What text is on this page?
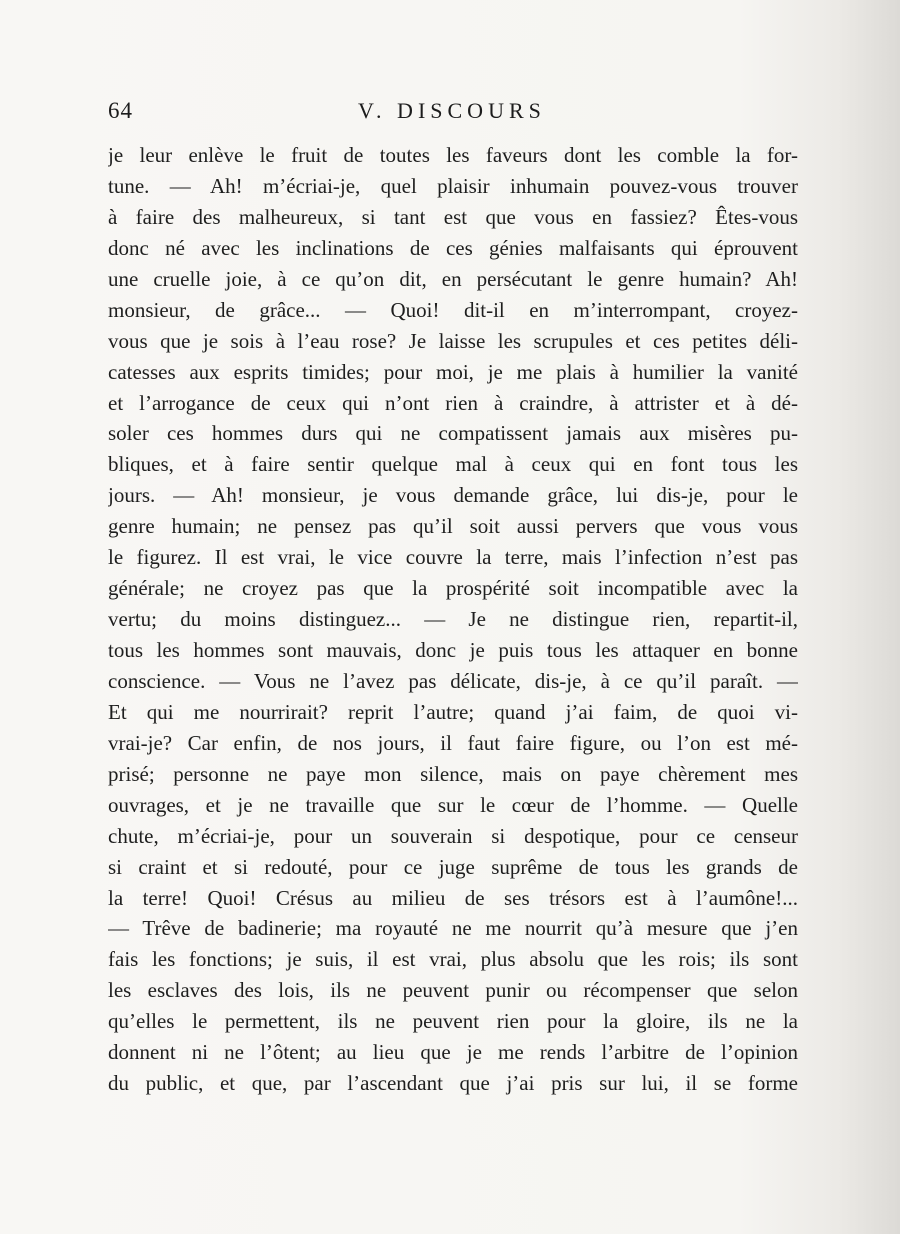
64	V. DISCOURS
je leur enlève le fruit de toutes les faveurs dont les comble la for-
tune. — Ah! m’écriai-je, quel plaisir inhumain pouvez-vous trouver
à faire des malheureux, si tant est que vous en fassiez? Êtes-vous
donc né avec les inclinations de ces génies malfaisants qui éprouvent
une cruelle joie, à ce qu’on dit, en persécutant le genre humain? Ah!
monsieur, de grâce... — Quoi! dit-il en m’interrompant, croyez-
vous que je sois à l’eau rose? Je laisse les scrupules et ces petites déli-
catesses aux esprits timides; pour moi, je me plais à humilier la vanité
et l’arrogance de ceux qui n’ont rien à craindre, à attrister et à dé-
soler ces hommes durs qui ne compatissent jamais aux misères pu-
bliques, et à faire sentir quelque mal à ceux qui en font tous les
jours. — Ah! monsieur, je vous demande grâce, lui dis-je, pour le
genre humain; ne pensez pas qu’il soit aussi pervers que vous vous
le figurez. Il est vrai, le vice couvre la terre, mais l’infection n’est pas
générale; ne croyez pas que la prospérité soit incompatible avec la
vertu; du moins distinguez... — Je ne distingue rien, repartit-il,
tous les hommes sont mauvais, donc je puis tous les attaquer en bonne
conscience. — Vous ne l’avez pas délicate, dis-je, à ce qu’il paraît. —
Et qui me nourrirait? reprit l’autre; quand j’ai faim, de quoi vi-
vrai-je? Car enfin, de nos jours, il faut faire figure, ou l’on est mé-
prisé; personne ne paye mon silence, mais on paye chèrement mes
ouvrages, et je ne travaille que sur le cœur de l’homme. — Quelle
chute, m’écriai-je, pour un souverain si despotique, pour ce censeur
si craint et si redouté, pour ce juge suprême de tous les grands de
la terre! Quoi! Crésus au milieu de ses trésors est à l’aumône!...
— Trêve de badinerie; ma royauté ne me nourrit qu’à mesure que j’en
fais les fonctions; je suis, il est vrai, plus absolu que les rois; ils sont
les esclaves des lois, ils ne peuvent punir ou récompenser que selon
qu’elles le permettent, ils ne peuvent rien pour la gloire, ils ne la
donnent ni ne l’ôtent; au lieu que je me rends l’arbitre de l’opinion
du public, et que, par l’ascendant que j’ai pris sur lui, il se forme
